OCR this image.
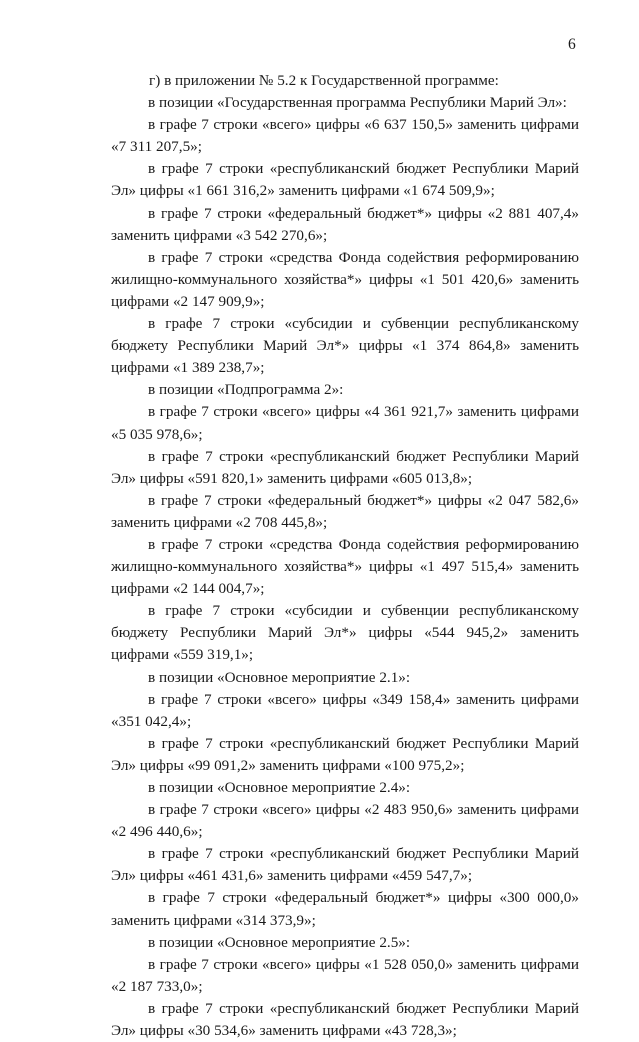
6

г) в приложении № 5.2 к Государственной программе:

в позиции «Государственная программа Республики Марий Эл»:

в графе 7 строки «всего» цифры «6 637 150,5» заменить цифрами «7 311 207,5»;

в графе 7 строки «республиканский бюджет Республики Марий Эл» цифры «1 661 316,2» заменить цифрами «1 674 509,9»;

в графе 7 строки «федеральный бюджет*» цифры «2 881 407,4» заменить цифрами «3 542 270,6»;

в графе 7 строки «средства Фонда содействия реформированию жилищно-коммунального хозяйства*» цифры «1 501 420,6» заменить цифрами «2 147 909,9»;

в графе 7 строки «субсидии и субвенции республиканскому бюджету Республики Марий Эл*» цифры «1 374 864,8» заменить цифрами «1 389 238,7»;

в позиции «Подпрограмма 2»:

в графе 7 строки «всего» цифры «4 361 921,7» заменить цифрами «5 035 978,6»;

в графе 7 строки «республиканский бюджет Республики Марий Эл» цифры «591 820,1» заменить цифрами «605 013,8»;

в графе 7 строки «федеральный бюджет*» цифры «2 047 582,6» заменить цифрами «2 708 445,8»;

в графе 7 строки «средства Фонда содействия реформированию жилищно-коммунального хозяйства*» цифры «1 497 515,4» заменить цифрами «2 144 004,7»;

в графе 7 строки «субсидии и субвенции республиканскому бюджету Республики Марий Эл*» цифры «544 945,2» заменить цифрами «559 319,1»;

в позиции «Основное мероприятие 2.1»:

в графе 7 строки «всего» цифры «349 158,4» заменить цифрами «351 042,4»;

в графе 7 строки «республиканский бюджет Республики Марий Эл» цифры «99 091,2» заменить цифрами «100 975,2»;

в позиции «Основное мероприятие 2.4»:

в графе 7 строки «всего» цифры «2 483 950,6» заменить цифрами «2 496 440,6»;

в графе 7 строки «республиканский бюджет Республики Марий Эл» цифры «461 431,6» заменить цифрами «459 547,7»;

в графе 7 строки «федеральный бюджет*» цифры «300 000,0» заменить цифрами «314 373,9»;

в позиции «Основное мероприятие 2.5»:

в графе 7 строки «всего» цифры «1 528 050,0» заменить цифрами «2 187 733,0»;

в графе 7 строки «республиканский бюджет Республики Марий Эл» цифры «30 534,6» заменить цифрами «43 728,3»;
